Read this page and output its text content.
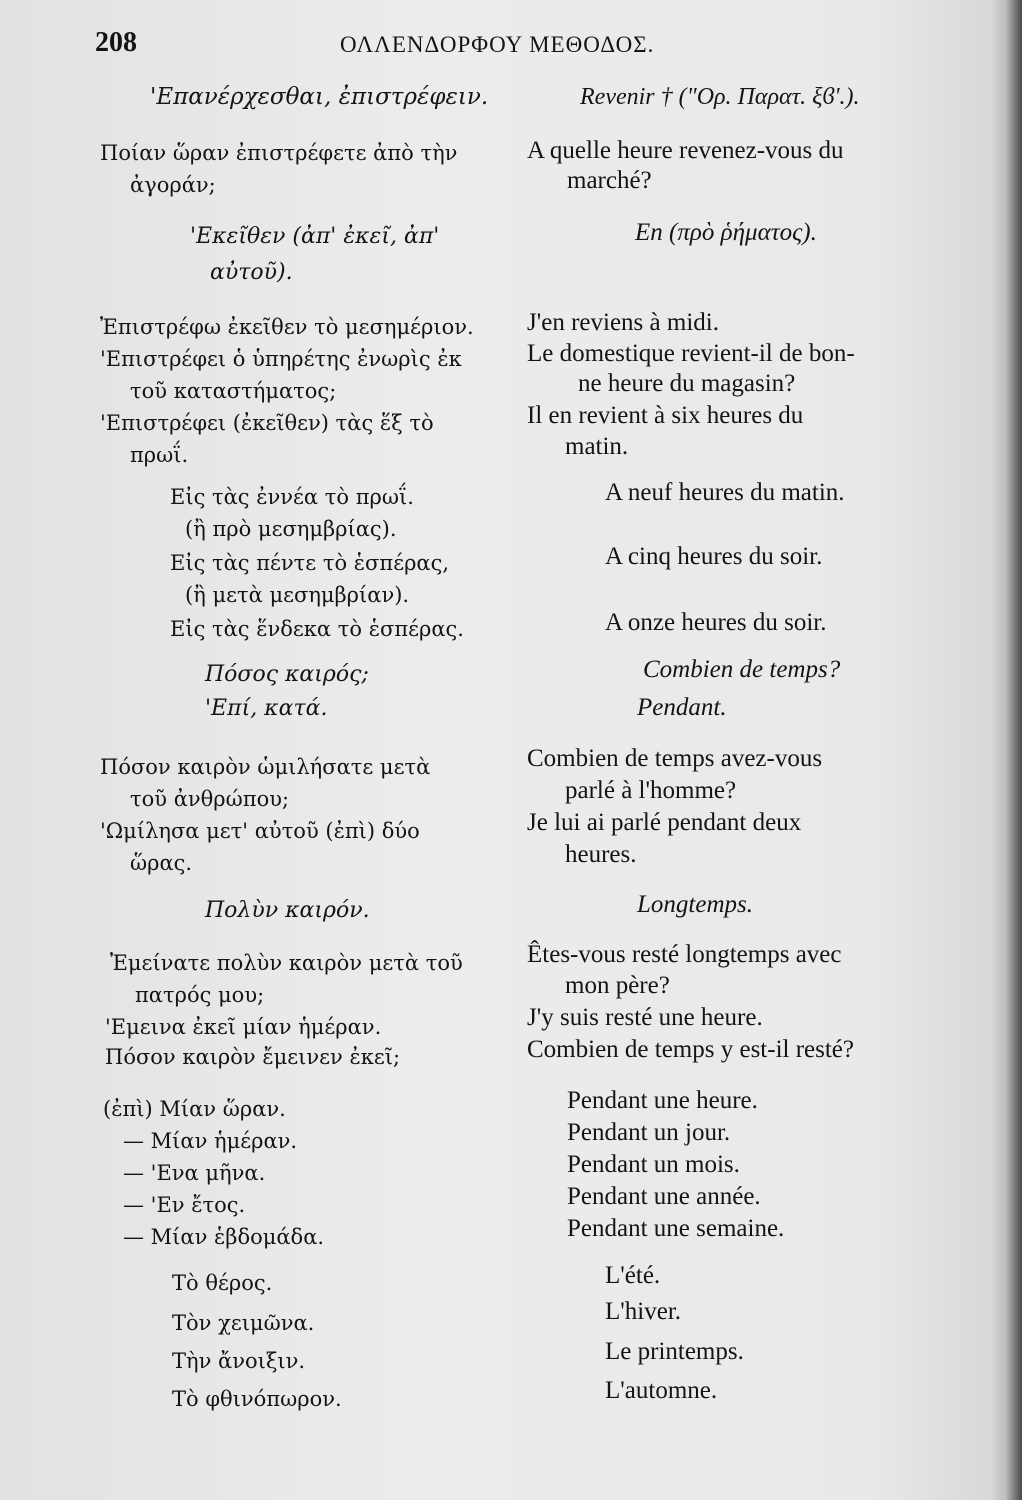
208	ΟΛΛΕΝΔΟΡΦΟΥ ΜΕΘΟΔΟΣ.
'Επανέρχεσθαι, ἐπιστρέφειν.	Revenir † ("Ορ. Παρατ. ξϐ'.).
Ποίαν ὥραν ἐπιστρέφετε ἀπὸ τὴν	A quelle heure revenez-vous du
ἀγοράν;	marché?
'Εκεῖθεν (ἀπ' ἐκεῖ, ἀπ'	En (πρὸ ῥήματος).
αὐτοῦ).
Ἐπιστρέφω ἐκεῖθεν τὸ μεσημέριον. J'en reviens à midi.
'Επιστρέφει ὁ ὑπηρέτης ἐνωρὶς ἐκ	Le domestique revient-il de bon-
τοῦ καταστήματος;	ne heure du magasin?
'Επιστρέφει (ἐκεῖθεν) τὰς ἕξ τὸ	Il en revient à six heures du
πρωΐ.	matin.
Εἰς τὰς ἐννέα τὸ πρωΐ.	A neuf heures du matin.
(ἢ πρὸ μεσημβρίας).
Εἰς τὰς πέντε τὸ ἑσπέρας,	A cinq heures du soir.
(ἢ μετὰ μεσημβρίαν).
Εἰς τὰς ἕνδεκα τὸ ἑσπέρας.	A onze heures du soir.
Πόσος καιρός;	Combien de temps?
'Επί, κατά.	Pendant.
Πόσον καιρὸν ὡμιλήσατε μετὰ	Combien de temps avez-vous
τοῦ ἀνθρώπου;	parlé à l'homme?
'Ωμίλησα μετ' αὐτοῦ (ἐπὶ) δύο	Je lui ai parlé pendant deux
ὥρας.	heures.
Πολὺν καιρόν.	Longtemps.
Ἐμείνατε πολὺν καιρὸν μετὰ τοῦ	Êtes-vous resté longtemps avec
πατρός μου;	mon père?
'Εμεινα ἐκεῖ μίαν ἡμέραν.	J'y suis resté une heure.
Πόσον καιρὸν ἔμεινεν ἐκεῖ;	Combien de temps y est-il resté?
(ἐπὶ) Μίαν ὥραν.	Pendant une heure.
— Μίαν ἡμέραν.	Pendant un jour.
— 'Ενα μῆνα.	Pendant un mois.
— 'Εν ἔτος.	Pendant une année.
— Μίαν ἑβδομάδα.	Pendant une semaine.
Τὸ θέρος.	L'été.
Τὸν χειμῶνα.	L'hiver.
Τὴν ἄνοιξιν.	Le printemps.
Τὸ φθινόπωρον.	L'automne.
